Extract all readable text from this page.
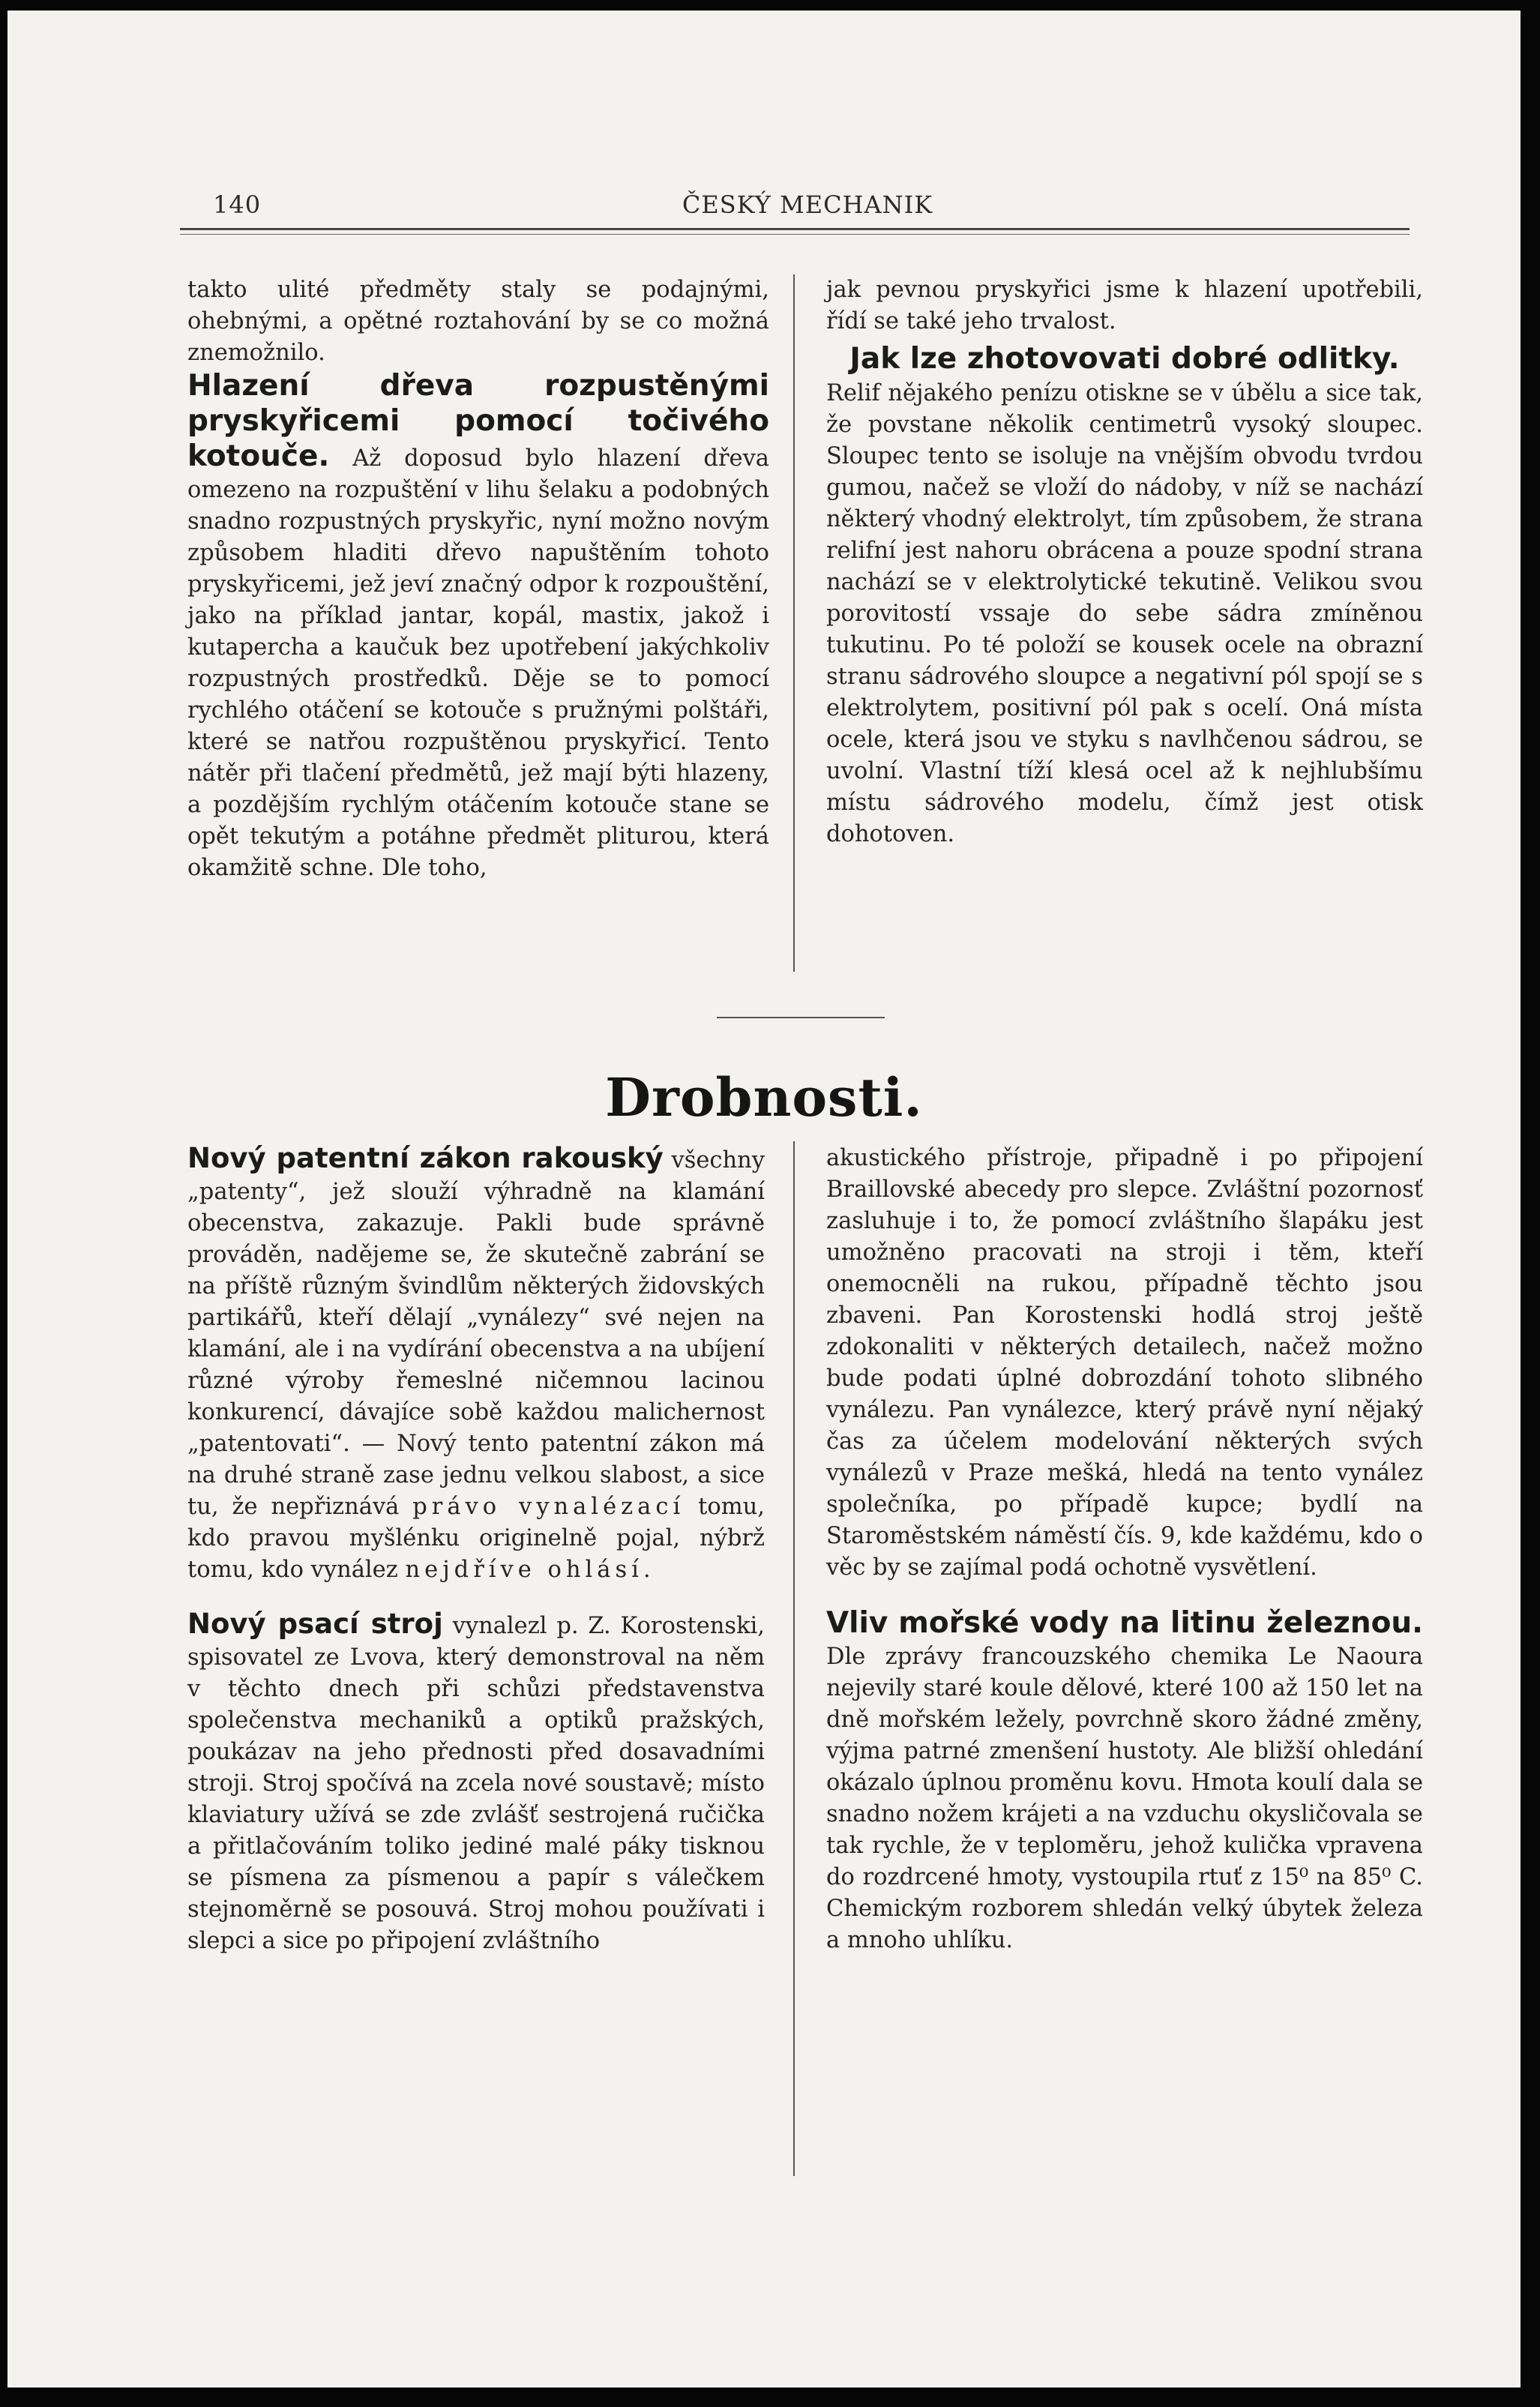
140	ČESKÝ MECHANIK

takto ulité předměty staly se podajnými, ohebnými, a opětné roztahování by se co možná znemožnilo.

Hlazení dřeva rozpustěnými pryskyřicemi pomocí točivého kotouče. Až doposud bylo hlazení dřeva omezeno na rozpuštění v lihu šelaku a podobných snadno rozpustných pryskyřic, nyní možno novým způsobem hladiti dřevo napuštěním tohoto pryskyřicemi, jež jeví značný odpor k rozpouštění, jako na příklad jantar, kopál, mastix, jakož i kutapercha a kaučuk bez upotřebení jakýchkoliv rozpustných prostředků. Děje se to pomocí rychlého otáčení se kotouče s pružnými polštáři, které se natřou rozpuštěnou pryskyřicí. Tento nátěr při tlačení předmětů, jež mají býti hlazeny, a pozdějším rychlým otáčením kotouče stane se opět tekutým a potáhne předmět pliturou, která okamžitě schne. Dle toho,

jak pevnou pryskyřici jsme k hlazení upotřebili, řídí se také jeho trvalost.

Jak lze zhotovovati dobré odlitky.

Relif nějakého penízu otiskne se v úbělu a sice tak, že povstane několik centimetrů vysoký sloupec. Sloupec tento se isoluje na vnějším obvodu tvrdou gumou, načež se vloží do nádoby, v níž se nachází některý vhodný elektrolyt, tím způsobem, že strana relifní jest nahoru obrácena a pouze spodní strana nachází se v elektrolytické tekutině. Velikou svou porovitostí vssaje do sebe sádra zmíněnou tukutinu. Po té položí se kousek ocele na obrazní stranu sádrového sloupce a negativní pól spojí se s elektrolytem, positivní pól pak s ocelí. Oná místa ocele, která jsou ve styku s navlhčenou sádrou, se uvolní. Vlastní tíží klesá ocel až k nejhlubšímu místu sádrového modelu, čímž jest otisk dohotoven.

Drobnosti.

Nový patentní zákon rakouský všechny „patenty“, jež slouží výhradně na klamání obecenstva, zakazuje. Pakli bude správně prováděn, nadějeme se, že skutečně zabrání se na příště různým švindlům některých židovských partikářů, kteří dělají „vynálezy“ své nejen na klamání, ale i na vydírání obecenstva a na ubíjení různé výroby řemeslné ničemnou lacinou konkurencí, dávajíce sobě každou malichernost „patentovati“. — Nový tento patentní zákon má na druhé straně zase jednu velkou slabost, a sice tu, že nepřiznává právo vynalézací tomu, kdo pravou myšlénku originelně pojal, nýbrž tomu, kdo vynález nejdříve ohlásí.

Nový psací stroj vynalezl p. Z. Korostenski, spisovatel ze Lvova, který demonstroval na něm v těchto dnech při schůzi představenstva společenstva mechaniků a optiků pražských, poukázav na jeho přednosti před dosavadními stroji. Stroj spočívá na zcela nové soustavě; místo klaviatury užívá se zde zvlášť sestrojená ručička a přitlačováním toliko jediné malé páky tisknou se písmena za písmenou a papír s válečkem stejnoměrně se posouvá. Stroj mohou používati i slepci a sice po připojení zvláštního

akustického přístroje, připadně i po připojení Braillovské abecedy pro slepce. Zvláštní pozornosť zasluhuje i to, že pomocí zvláštního šlapáku jest umožněno pracovati na stroji i těm, kteří onemocněli na rukou, případně těchto jsou zbaveni. Pan Korostenski hodlá stroj ještě zdokonaliti v některých detailech, načež možno bude podati úplné dobrozdání tohoto slibného vynálezu. Pan vynálezce, který právě nyní nějaký čas za účelem modelování některých svých vynálezů v Praze mešká, hledá na tento vynález společníka, po případě kupce; bydlí na Staroměstském náměstí čís. 9, kde každému, kdo o věc by se zajímal podá ochotně vysvětlení.

Vliv mořské vody na litinu železnou. Dle zprávy francouzského chemika Le Naoura nejevily staré koule dělové, které 100 až 150 let na dně mořském ležely, povrchně skoro žádné změny, výjma patrné zmenšení hustoty. Ale bližší ohledání okázalo úplnou proměnu kovu. Hmota koulí dala se snadno nožem krájeti a na vzduchu okysličovala se tak rychle, že v teploměru, jehož kulička vpravena do rozdrcené hmoty, vystoupila rtuť z 15⁰ na 85⁰ C. Chemickým rozborem shledán velký úbytek železa a mnoho uhlíku.
